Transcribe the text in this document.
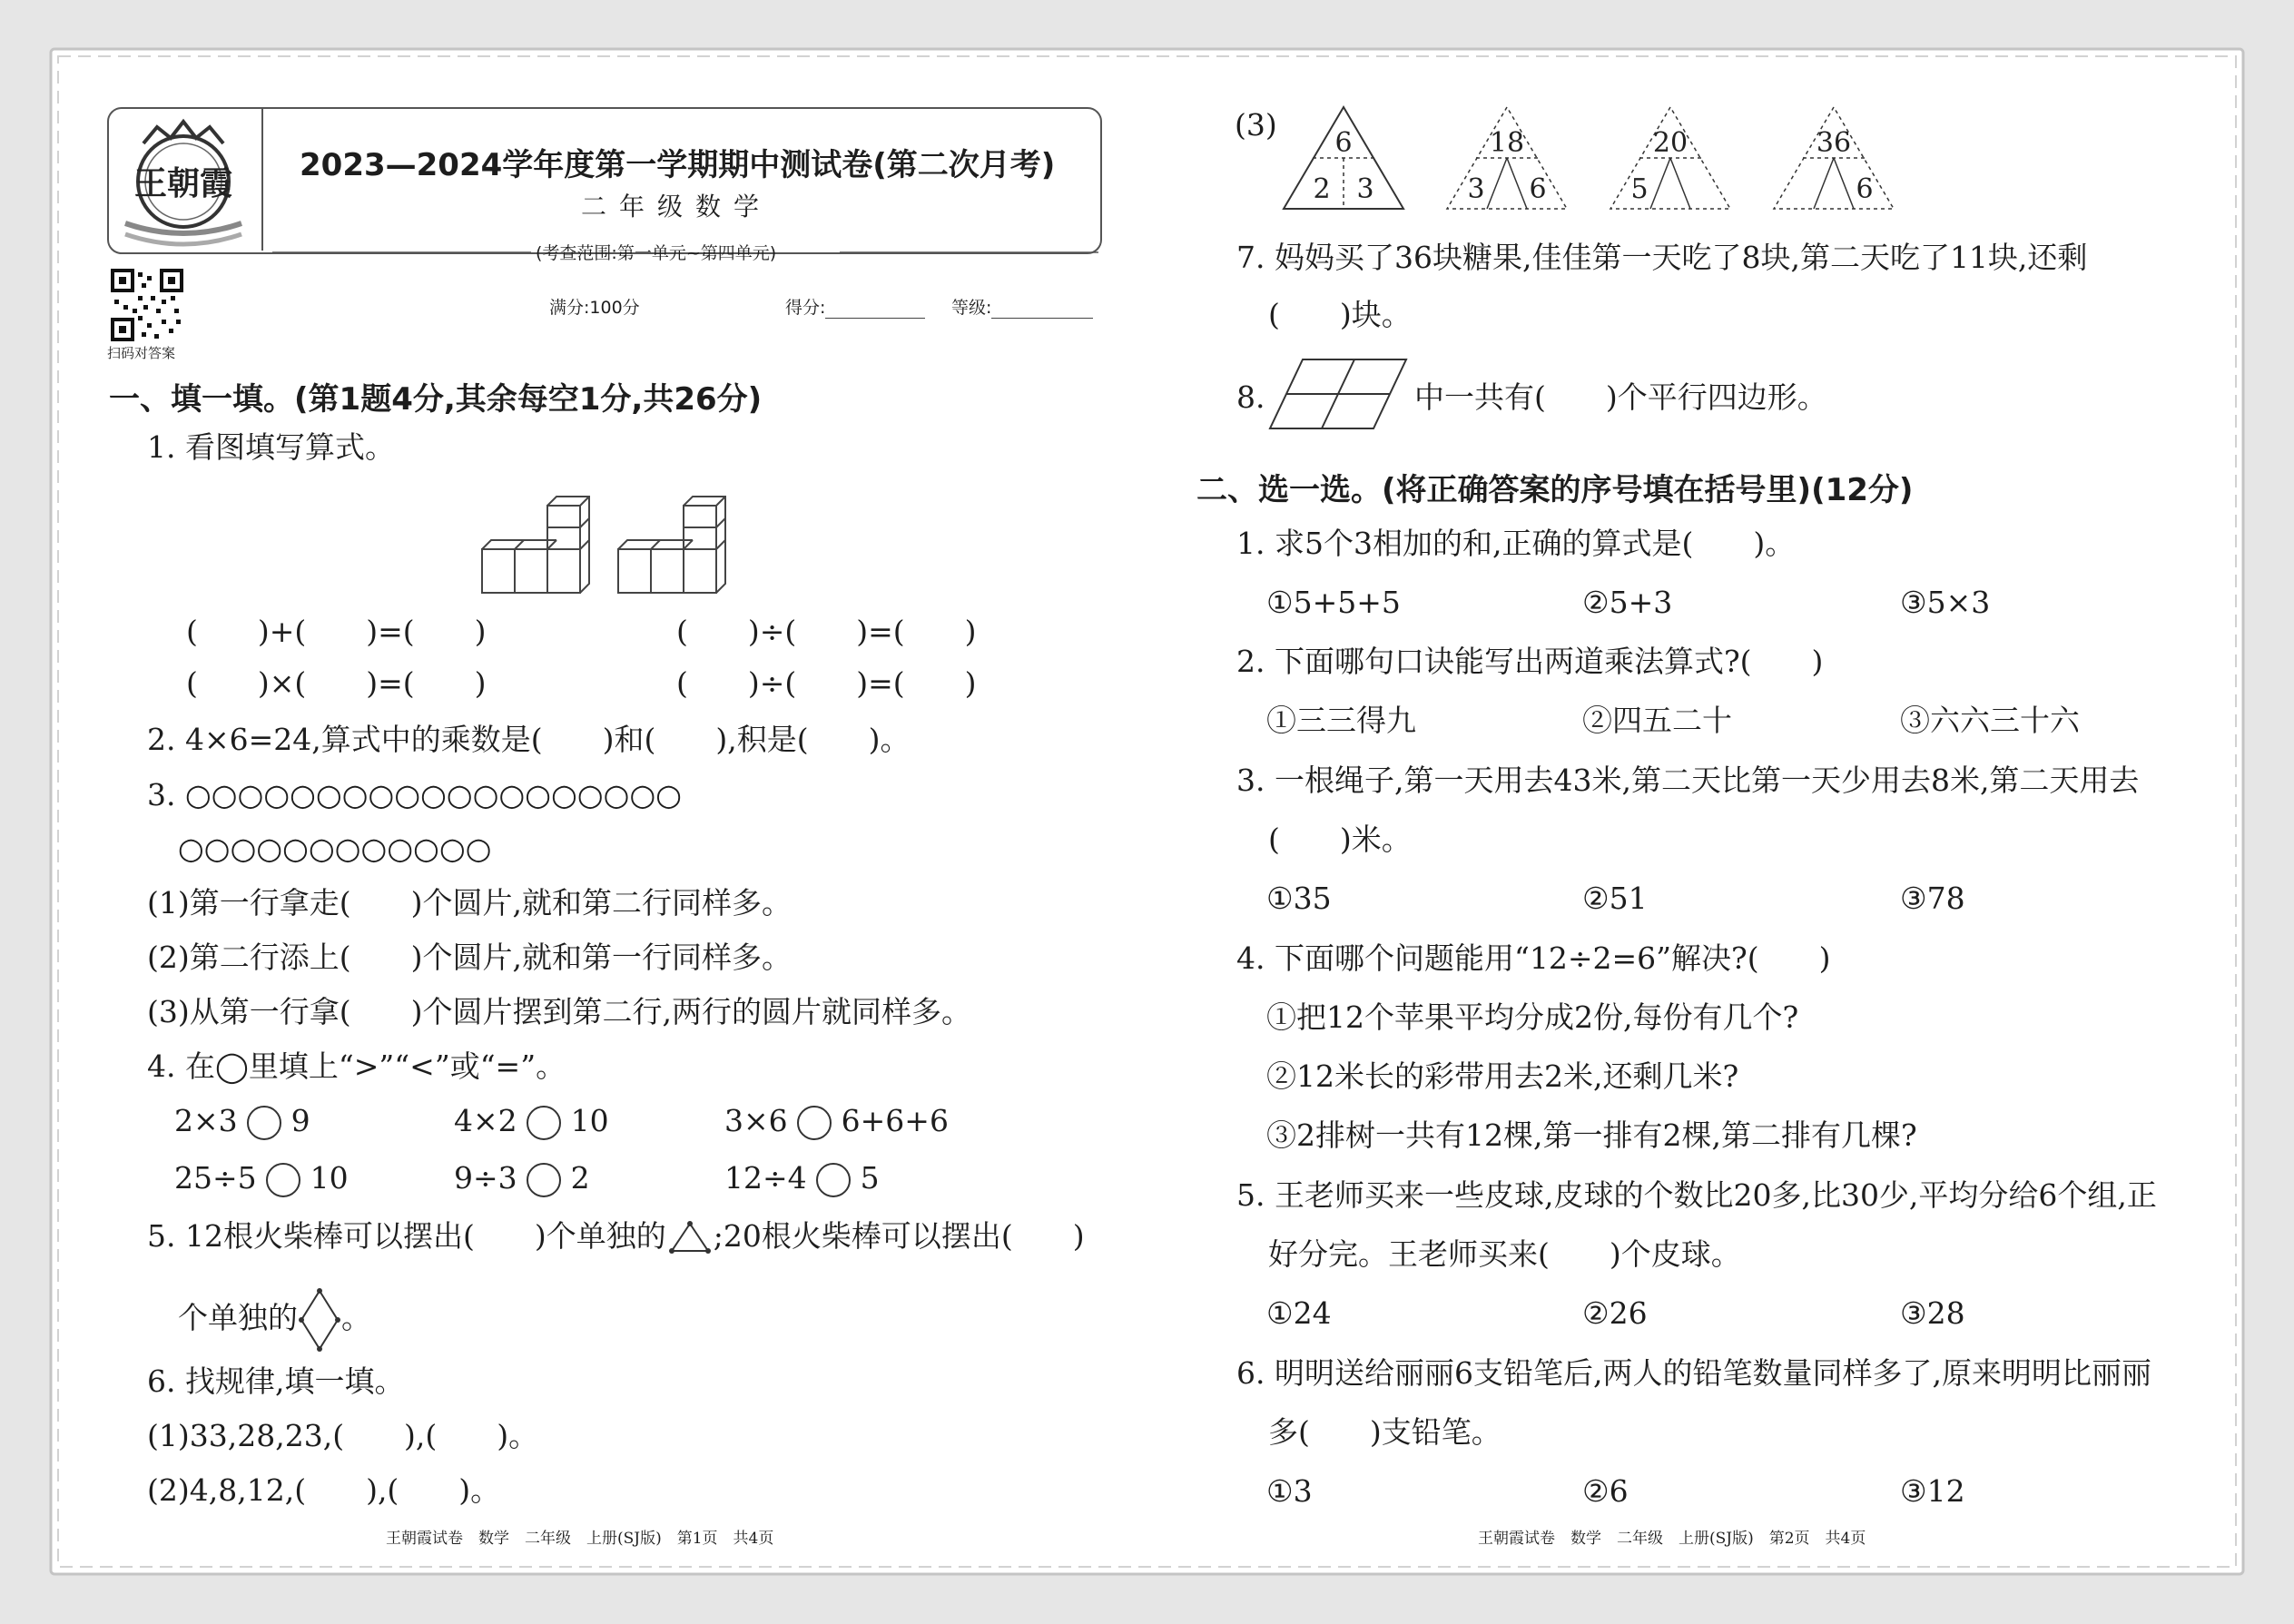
王朝霞 2023—2024学年度第一学期期中测试卷(第二次月考)
二年级数学
(考查范围:第一单元~第四单元)
扫码对答案
满分:100分	得分:	等级:
一、填一填。(第1题4分,其余每空1分,共26分)
1. 看图填写算式。
(　　)+(　　)=(　　)	(　　)÷(　　)=(　　)
(　　)×(　　)=(　　)	(　　)÷(　　)=(　　)
2. 4×6=24,算式中的乘数是(　　)和(　　),积是(　　)。
3. ○○○○○○○○○○○○○○○○○○○
○○○○○○○○○○○○
(1)第一行拿走(　　)个圆片,就和第二行同样多。
(2)第二行添上(　　)个圆片,就和第一行同样多。
(3)从第一行拿(　　)个圆片摆到第二行,两行的圆片就同样多。
4. 在◯里填上“>”“<”或“=”。
2×3 9	4×2 10	3×6 6+6+6
25÷5 10	9÷3 2	12÷4 5
5. 12根火柴棒可以摆出(　　)个单独的 ;20根火柴棒可以摆出(　　)
个单独的 。
6. 找规律,填一填。
(1)33,28,23,(　　),(　　)。
(2)4,8,12,(　　),(　　)。
王朝霞试卷　数学　二年级　上册(SJ版)　第1页　共4页
(3)
6
2 3
18
3 6
20
5
36
6
7. 妈妈买了36块糖果,佳佳第一天吃了8块,第二天吃了11块,还剩
(　　)块。
8.	中一共有(　　)个平行四边形。
二、选一选。(将正确答案的序号填在括号里)(12分)
1. 求5个3相加的和,正确的算式是(　　)。
①5+5+5	②5+3	③5×3
2. 下面哪句口诀能写出两道乘法算式?(　　)
①三三得九	②四五二十	③六六三十六
3. 一根绳子,第一天用去43米,第二天比第一天少用去8米,第二天用去
(　　)米。
①35	②51	③78
4. 下面哪个问题能用“12÷2=6”解决?(　　)
①把12个苹果平均分成2份,每份有几个?
②12米长的彩带用去2米,还剩几米?
③2排树一共有12棵,第一排有2棵,第二排有几棵?
5. 王老师买来一些皮球,皮球的个数比20多,比30少,平均分给6个组,正
好分完。王老师买来(　　)个皮球。
①24	②26	③28
6. 明明送给丽丽6支铅笔后,两人的铅笔数量同样多了,原来明明比丽丽
多(　　)支铅笔。
①3	②6	③12
王朝霞试卷　数学　二年级　上册(SJ版)　第2页　共4页
